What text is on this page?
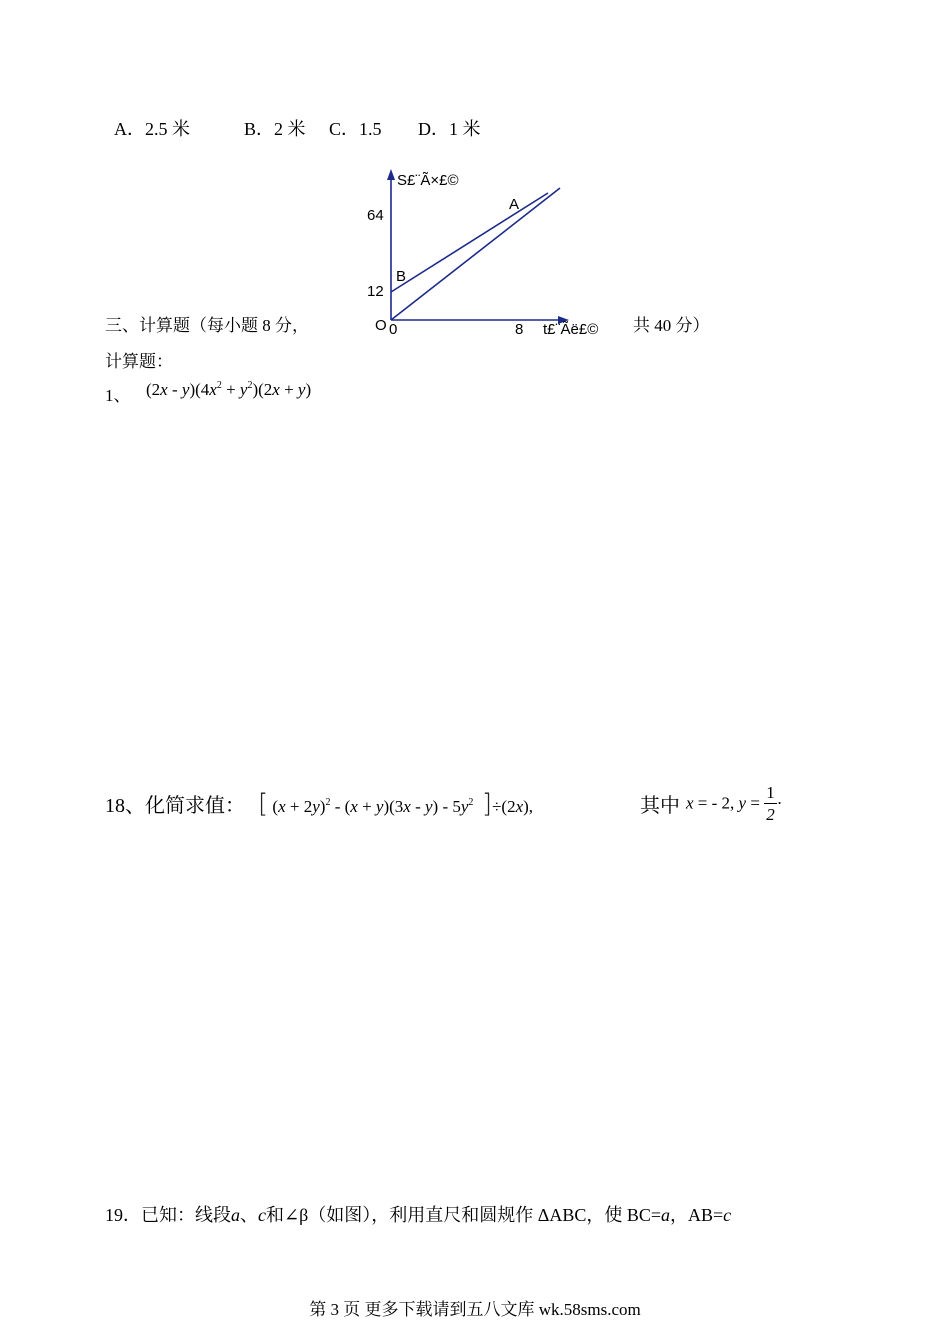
A．2.5 米	B．2 米 C．1.5 D．1 米
S£¨Ã×£©
t£¨Ãë£©
O 0	8
64
12
A
B
三、计算题（每小题 8 分，	共 40 分）
计算题：
1、 $(2x - y)(4x^2 + y^2)(2x + y)$
18、化简求值： [ $(x + 2y)^2 - (x + y)(3x - y) - 5y^2$ ]÷(2x),	其中 x = - 2, $y = \frac{1}{2}$ ·
19．已知：线段a、c和∠β（如图），利用直尺和圆规作 ΔABC，使 BC=a，AB=c
第 3 页 更多下载请到五八文库 wk.58sms.com
